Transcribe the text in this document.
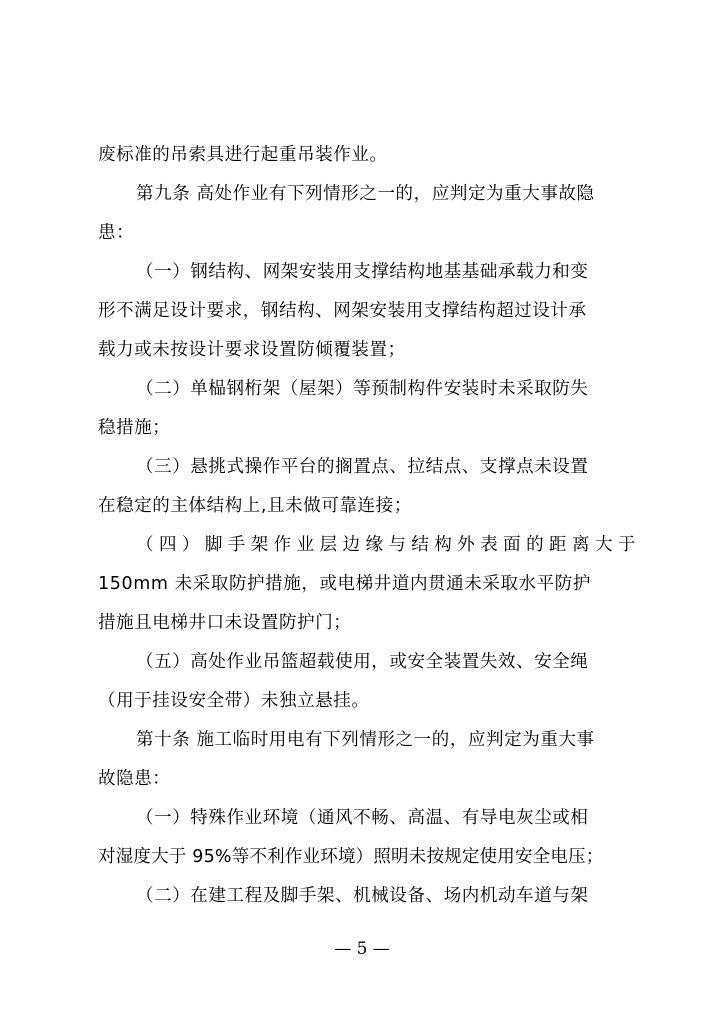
废标准的吊索具进行起重吊装作业。
第九条 高处作业有下列情形之一的，应判定为重大事故隐
患：
（一）钢结构、网架安装用支撑结构地基基础承载力和变
形不满足设计要求，钢结构、网架安装用支撑结构超过设计承
载力或未按设计要求设置防倾覆装置；
（二）单榀钢桁架（屋架）等预制构件安装时未采取防失
稳措施；
（三）悬挑式操作平台的搁置点、拉结点、支撑点未设置
在稳定的主体结构上,且未做可靠连接；
（四）脚手架作业层边缘与结构外表面的距离大于
150mm 未采取防护措施，或电梯井道内贯通未采取水平防护
措施且电梯井口未设置防护门；
（五）高处作业吊篮超载使用，或安全装置失效、安全绳
（用于挂设安全带）未独立悬挂。
第十条 施工临时用电有下列情形之一的，应判定为重大事
故隐患：
（一）特殊作业环境（通风不畅、高温、有导电灰尘或相
对湿度大于 95%等不利作业环境）照明未按规定使用安全电压；
（二）在建工程及脚手架、机械设备、场内机动车道与架
— 5 —
